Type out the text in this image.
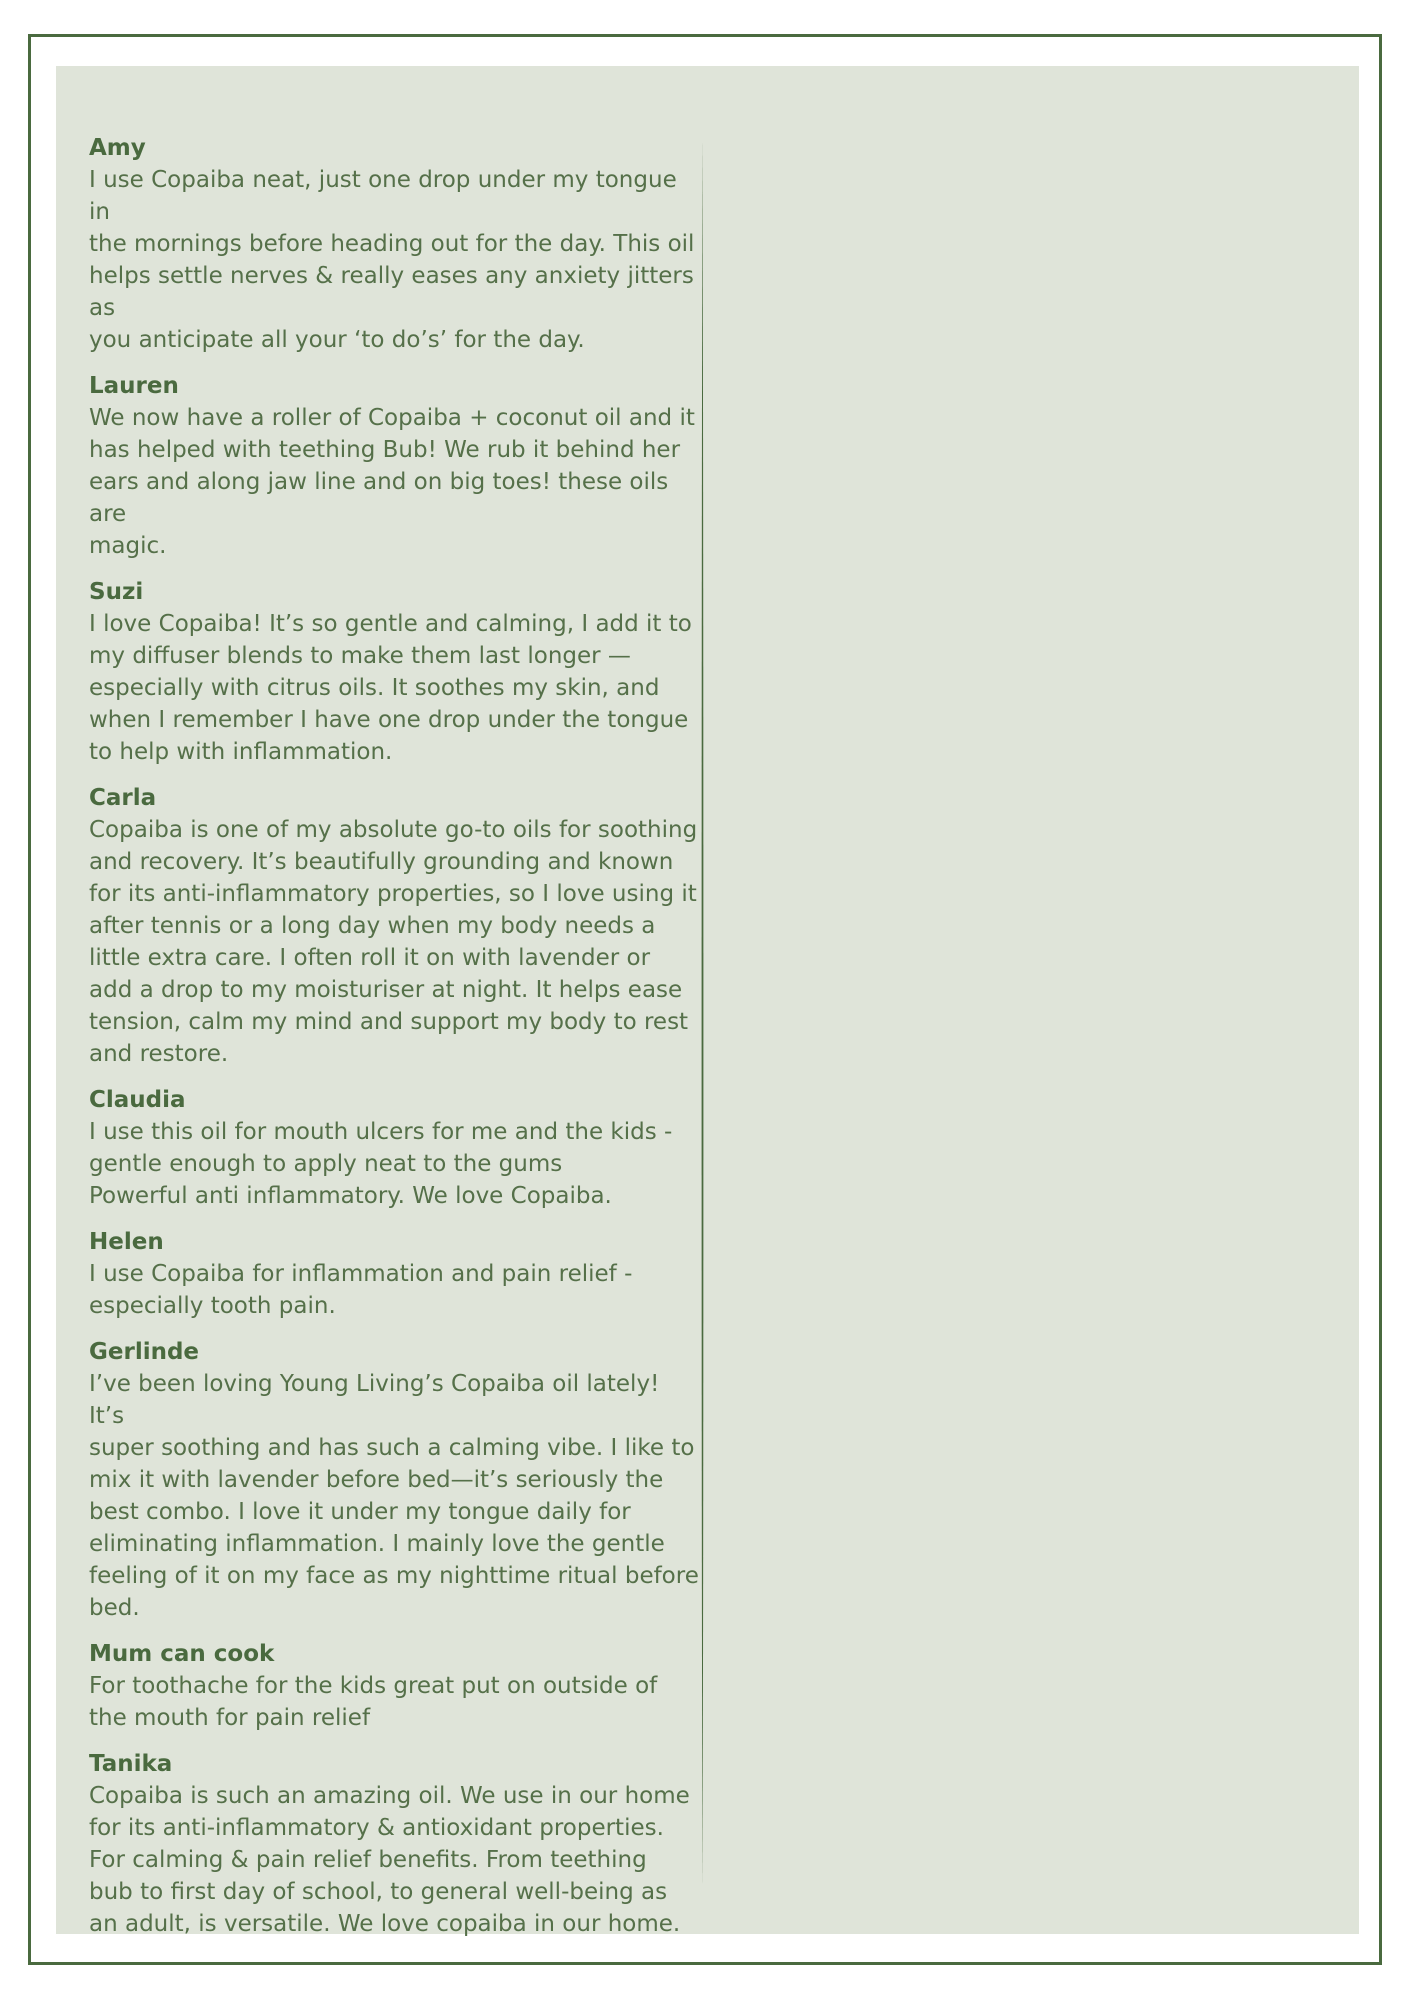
Amy
I use Copaiba neat, just one drop under my tongue in
the mornings before heading out for the day. This oil
helps settle nerves & really eases any anxiety jitters as
you anticipate all your ‘to do’s’ for the day.
Lauren
We now have a roller of Copaiba + coconut oil and it
has helped with teething Bub! We rub it behind her
ears and along jaw line and on big toes! these oils are
magic.
Suzi
I love Copaiba! It’s so gentle and calming, I add it to
my diffuser blends to make them last longer —
especially with citrus oils. It soothes my skin, and
when I remember I have one drop under the tongue
to help with inflammation.
Carla
Copaiba is one of my absolute go-to oils for soothing
and recovery. It’s beautifully grounding and known
for its anti-inflammatory properties, so I love using it
after tennis or a long day when my body needs a
little extra care. I often roll it on with lavender or
add a drop to my moisturiser at night. It helps ease
tension, calm my mind and support my body to rest
and restore.
Claudia
I use this oil for mouth ulcers for me and the kids -
gentle enough to apply neat to the gums
Powerful anti inflammatory. We love Copaiba.
Helen
I use Copaiba for inflammation and pain relief -
especially tooth pain.
Gerlinde
I’ve been loving Young Living’s Copaiba oil lately! It’s
super soothing and has such a calming vibe. I like to
mix it with lavender before bed—it’s seriously the
best combo. I love it under my tongue daily for
eliminating inflammation. I mainly love the gentle
feeling of it on my face as my nighttime ritual before
bed.
Mum can cook
For toothache for the kids great put on outside of
the mouth for pain relief
Tanika
Copaiba is such an amazing oil. We use in our home
for its anti-inflammatory & antioxidant properties.
For calming & pain relief benefits. From teething
bub to first day of school, to general well-being as
an adult, is versatile. We love copaiba in our home.
